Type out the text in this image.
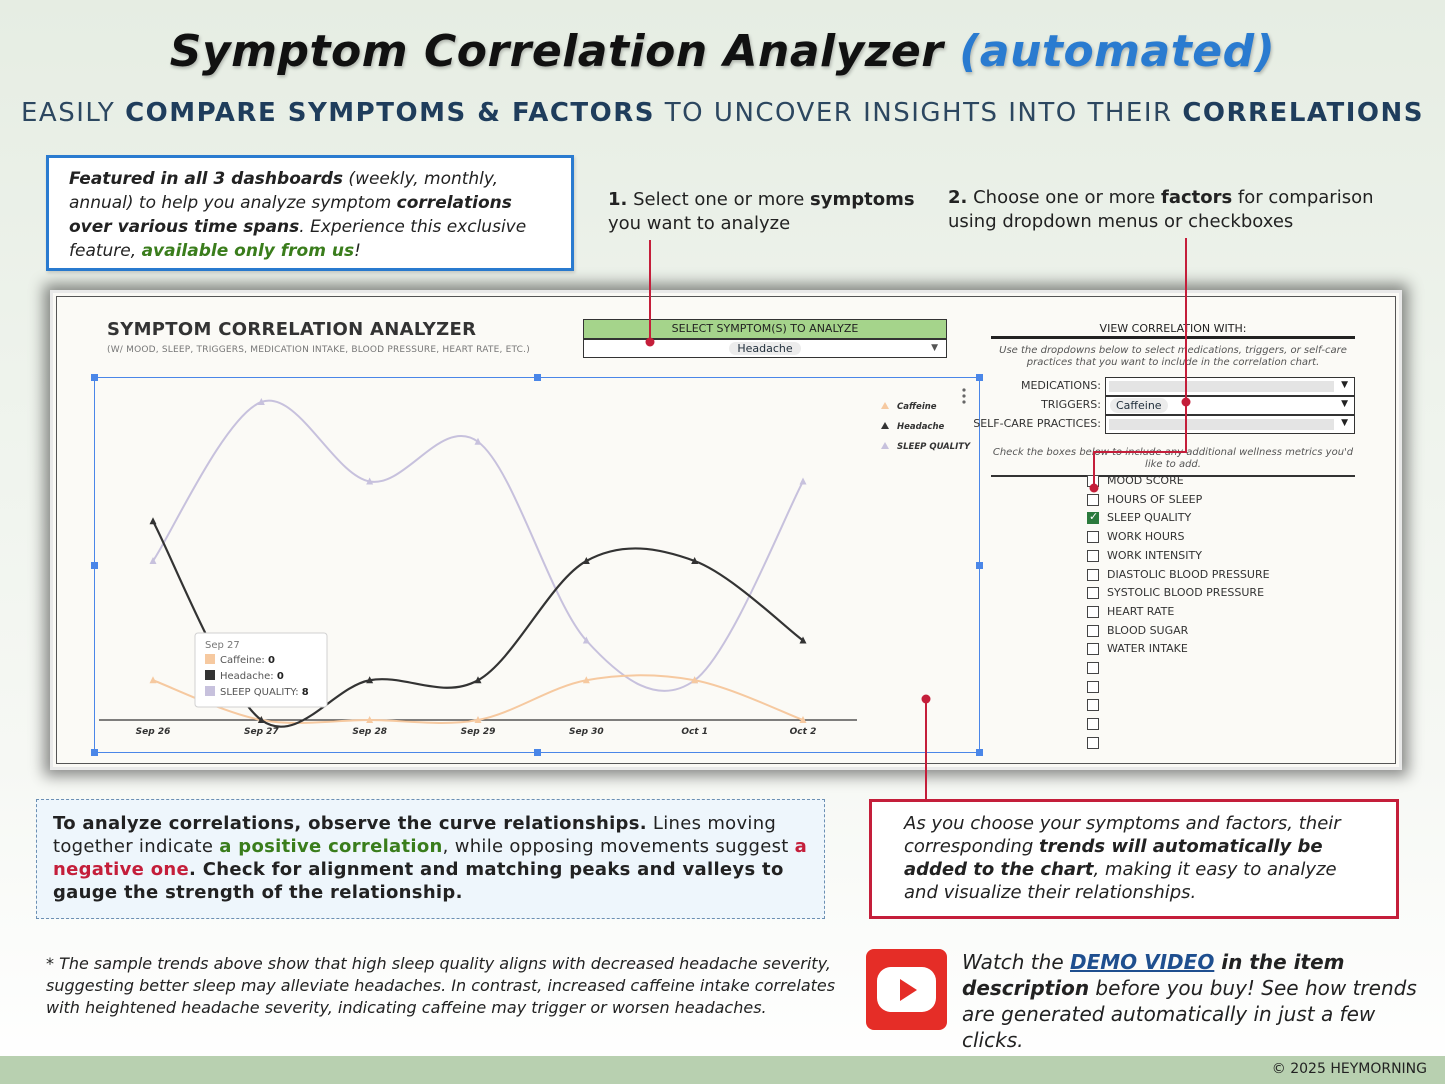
Symptom Correlation Analyzer (automated)
EASILY COMPARE SYMPTOMS & FACTORS TO UNCOVER INSIGHTS INTO THEIR CORRELATIONS
Featured in all 3 dashboards (weekly, monthly, annual) to help you analyze symptom correlations over various time spans. Experience this exclusive feature, available only from us!
1. Select one or more symptoms you want to analyze
2. Choose one or more factors for comparison using dropdown menus or checkboxes
SYMPTOM CORRELATION ANALYZER
(W/ MOOD, SLEEP, TRIGGERS, MEDICATION INTAKE, BLOOD PRESSURE, HEART RATE, ETC.)
SELECT SYMPTOM(S) TO ANALYZE
Headache	▼
Sep 26	Sep 27	Sep 28	Sep 29	Sep 30	Oct 1	Oct 2
Caffeine
Headache
SLEEP QUALITY
Sep 27
Caffeine: 0
Headache: 0
SLEEP QUALITY: 8
VIEW CORRELATION WITH:
Use the dropdowns below to select medications, triggers, or self-care practices that you want to include in the correlation chart.
MEDICATIONS:	▼
TRIGGERS:	Caffeine	▼
SELF-CARE PRACTICES:	▼
Check the boxes below to include any additional wellness metrics you'd like to add.
MOOD SCORE
HOURS OF SLEEP
✓
SLEEP QUALITY
WORK HOURS
WORK INTENSITY
DIASTOLIC BLOOD PRESSURE
SYSTOLIC BLOOD PRESSURE
HEART RATE
BLOOD SUGAR
WATER INTAKE
To analyze correlations, observe the curve relationships. Lines moving together indicate a positive correlation, while opposing movements suggest a negative one. Check for alignment and matching peaks and valleys to gauge the strength of the relationship.
As you choose your symptoms and factors, their corresponding trends will automatically be added to the chart, making it easy to analyze and visualize their relationships.
* The sample trends above show that high sleep quality aligns with decreased headache severity, suggesting better sleep may alleviate headaches. In contrast, increased caffeine intake correlates with heightened headache severity, indicating caffeine may trigger or worsen headaches.
Watch the DEMO VIDEO in the item description before you buy! See how trends are generated automatically in just a few clicks.
© 2025 HEYMORNING
